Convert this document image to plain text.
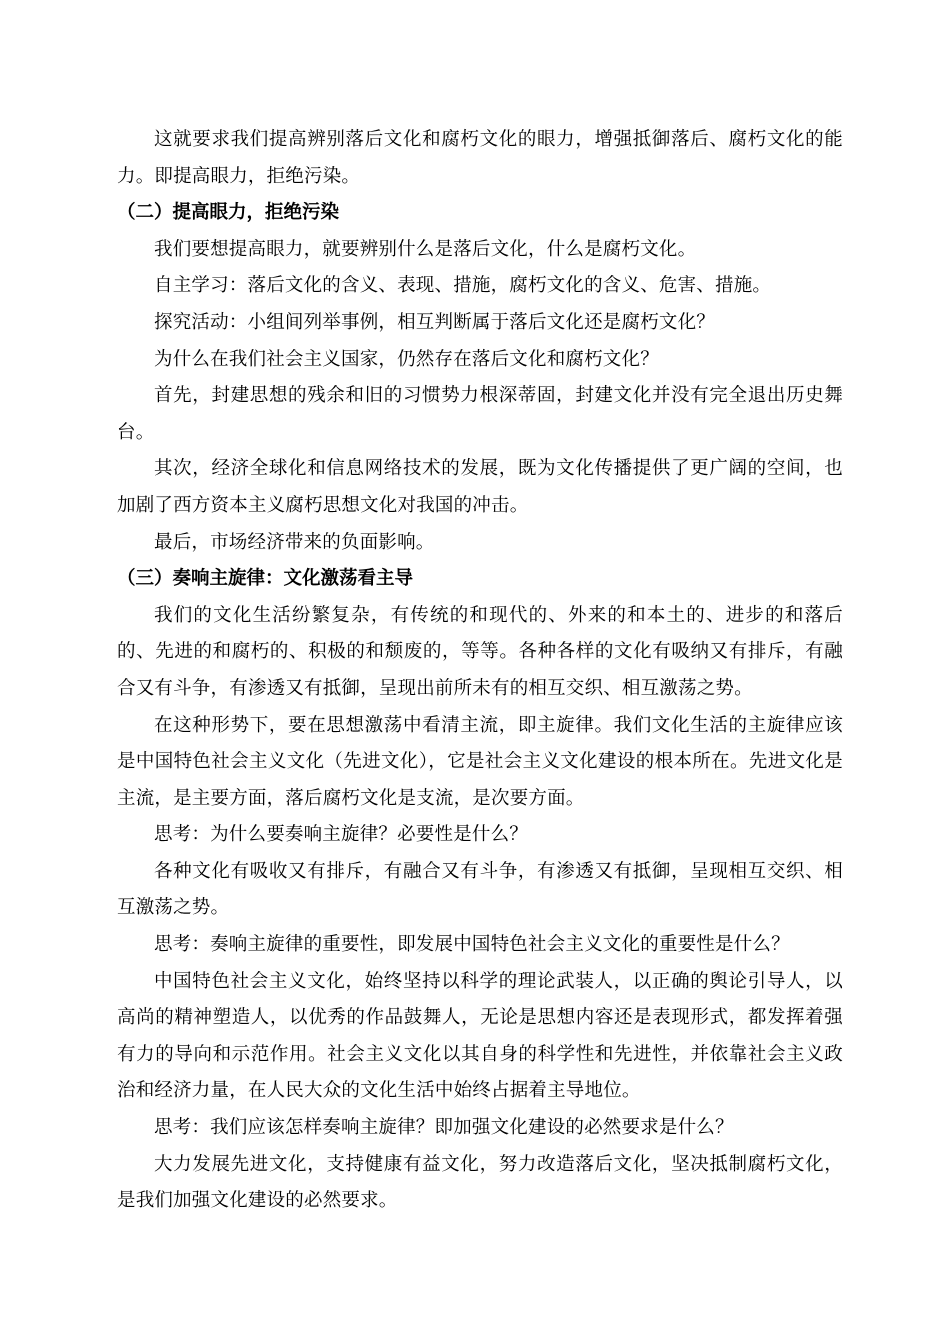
这就要求我们提高辨别落后文化和腐朽文化的眼力，增强抵御落后、腐朽文化的能力。即提高眼力，拒绝污染。

（二）提高眼力，拒绝污染

我们要想提高眼力，就要辨别什么是落后文化，什么是腐朽文化。

自主学习：落后文化的含义、表现、措施，腐朽文化的含义、危害、措施。

探究活动：小组间列举事例，相互判断属于落后文化还是腐朽文化？

为什么在我们社会主义国家，仍然存在落后文化和腐朽文化？

首先，封建思想的残余和旧的习惯势力根深蒂固，封建文化并没有完全退出历史舞台。

其次，经济全球化和信息网络技术的发展，既为文化传播提供了更广阔的空间，也加剧了西方资本主义腐朽思想文化对我国的冲击。

最后，市场经济带来的负面影响。

（三）奏响主旋律：文化激荡看主导

我们的文化生活纷繁复杂，有传统的和现代的、外来的和本土的、进步的和落后的、先进的和腐朽的、积极的和颓废的，等等。各种各样的文化有吸纳又有排斥，有融合又有斗争，有渗透又有抵御，呈现出前所未有的相互交织、相互激荡之势。

在这种形势下，要在思想激荡中看清主流，即主旋律。我们文化生活的主旋律应该是中国特色社会主义文化（先进文化），它是社会主义文化建设的根本所在。先进文化是主流，是主要方面，落后腐朽文化是支流，是次要方面。

思考：为什么要奏响主旋律？必要性是什么？

各种文化有吸收又有排斥，有融合又有斗争，有渗透又有抵御，呈现相互交织、相互激荡之势。

思考：奏响主旋律的重要性，即发展中国特色社会主义文化的重要性是什么？

中国特色社会主义文化，始终坚持以科学的理论武装人，以正确的舆论引导人，以高尚的精神塑造人，以优秀的作品鼓舞人，无论是思想内容还是表现形式，都发挥着强有力的导向和示范作用。社会主义文化以其自身的科学性和先进性，并依靠社会主义政治和经济力量，在人民大众的文化生活中始终占据着主导地位。

思考：我们应该怎样奏响主旋律？即加强文化建设的必然要求是什么？

大力发展先进文化，支持健康有益文化，努力改造落后文化，坚决抵制腐朽文化，是我们加强文化建设的必然要求。
